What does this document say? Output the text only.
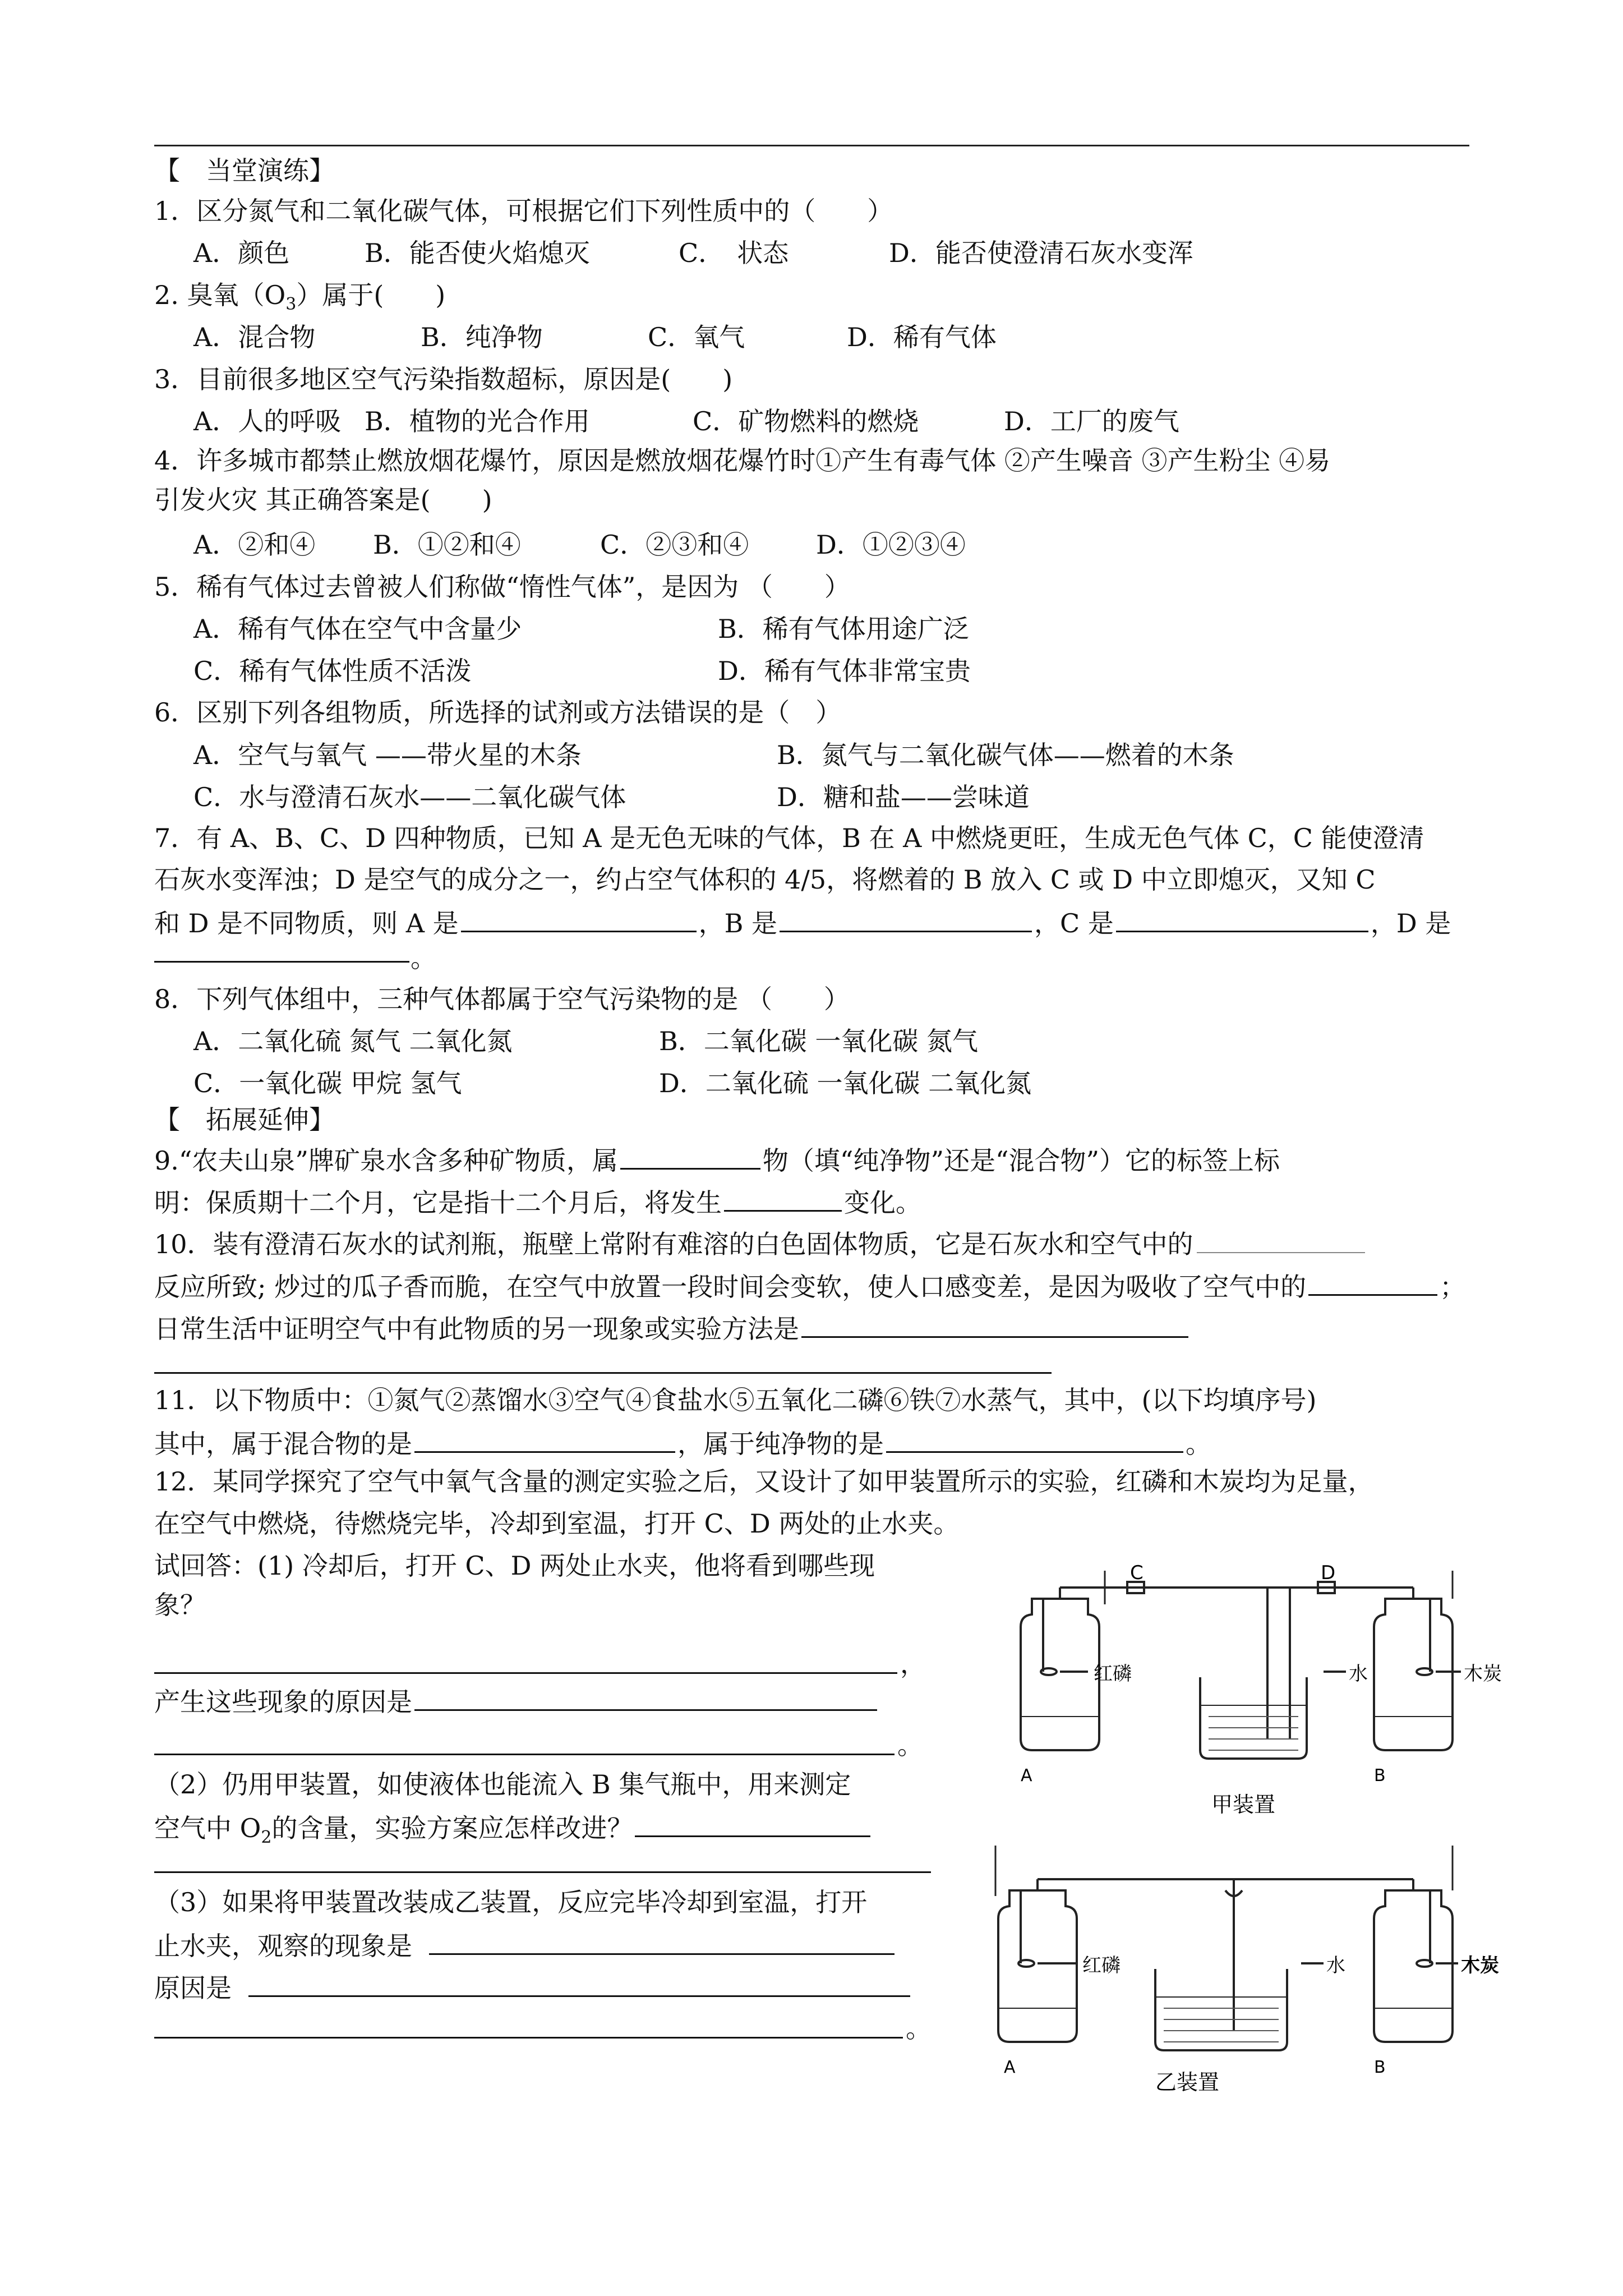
【　当堂演练】
1．区分氮气和二氧化碳气体，可根据它们下列性质中的（　　）
A．颜色	B．能否使火焰熄灭	C．　状态	D．能否使澄清石灰水变浑
2. 臭氧$(O_3)$属于(　　)
A．混合物	B．纯净物	C．氧气	D．稀有气体
3．目前很多地区空气污染指数超标，原因是(　　)
A．人的呼吸 B．植物的光合作用	C．矿物燃料的燃烧	D．工厂的废气
4．许多城市都禁止燃放烟花爆竹，原因是燃放烟花爆竹时①产生有毒气体 ②产生噪音 ③产生粉尘 ④易
引发火灾 其正确答案是(　　)
A．②和④ B．①②和④	C．②③和④	D．①②③④
5．稀有气体过去曾被人们称做“惰性气体”，是因为 （　　）
A．稀有气体在空气中含量少	B．稀有气体用途广泛
C．稀有气体性质不活泼	D．稀有气体非常宝贵
6．区别下列各组物质，所选择的试剂或方法错误的是（　）
A．空气与氧气 ——带火星的木条	B．氮气与二氧化碳气体——燃着的木条
C．水与澄清石灰水——二氧化碳气体	D．糖和盐——尝味道
7．有 A、B、C、D 四种物质，已知 A 是无色无味的气体，B 在 A 中燃烧更旺，生成无色气体 C，C 能使澄清
石灰水变浑浊；D 是空气的成分之一，约占空气体积的 4/5，将燃着的 B 放入 C 或 D 中立即熄灭，又知 C
和 D 是不同物质，则 A 是	，B 是	，C 是	，D 是
。
8．下列气体组中，三种气体都属于空气污染物的是 （　　）
A．二氧化硫 氮气 二氧化氮	B．二氧化碳 一氧化碳 氮气
C．一氧化碳 甲烷 氢气	D．二氧化硫 一氧化碳 二氧化氮
【　拓展延伸】
9.“农夫山泉”牌矿泉水含多种矿物质，属	物（填“纯净物”还是“混合物”）它的标签上标
明：保质期十二个月，它是指十二个月后，将发生	变化。
10．装有澄清石灰水的试剂瓶，瓶壁上常附有难溶的白色固体物质，它是石灰水和空气中的
反应所致; 炒过的瓜子香而脆，在空气中放置一段时间会变软，使人口感变差，是因为吸收了空气中的	；
日常生活中证明空气中有此物质的另一现象或实验方法是
11．以下物质中：①氮气②蒸馏水③空气④食盐水⑤五氧化二磷⑥铁⑦水蒸气，其中，(以下均填序号)
其中，属于混合物的是	，属于纯净物的是	。
12．某同学探究了空气中氧气含量的测定实验之后，又设计了如甲装置所示的实验，红磷和木炭均为足量，
在空气中燃烧，待燃烧完毕，冷却到室温，打开 C、D 两处的止水夹。
试回答：(1) 冷却后，打开 C、D 两处止水夹，他将看到哪些现
象？
，
产生这些现象的原因是
。
（2）仍用甲装置，如使液体也能流入 B 集气瓶中，用来测定
空气中 $O_2$的含量，实验方案应怎样改进？
（3）如果将甲装置改装成乙装置，反应完毕冷却到室温，打开
止水夹，观察的现象是
原因是
。
C	D
红磷	水	木炭
A	B
甲装置
红磷	水	木炭
A	B
乙装置
